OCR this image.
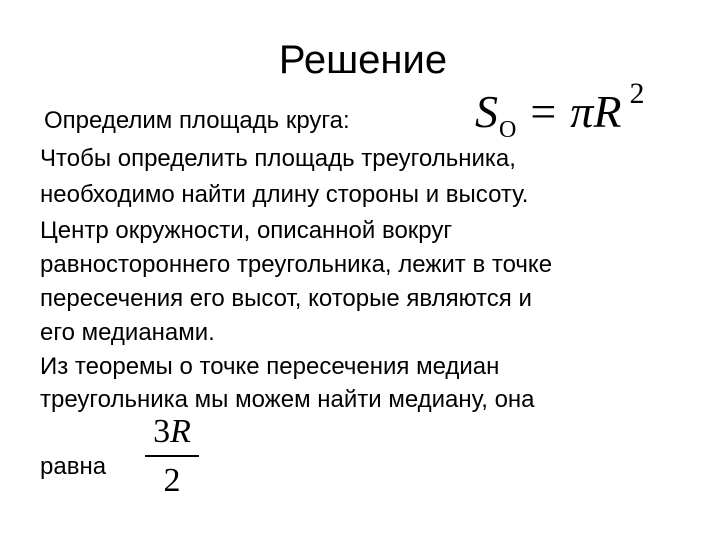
Решение
Определим площадь круга:	$S_O = \pi R$ $^2$
Чтобы определить площадь треугольника,
необходимо найти длину стороны и высоту.
Центр окружности, описанной вокруг
равностороннего треугольника, лежит в точке
пересечения его высот, которые являются и
его медианами.
Из теоремы о точке пересечения медиан
треугольника мы можем найти медиану, она
равна
3R
2
